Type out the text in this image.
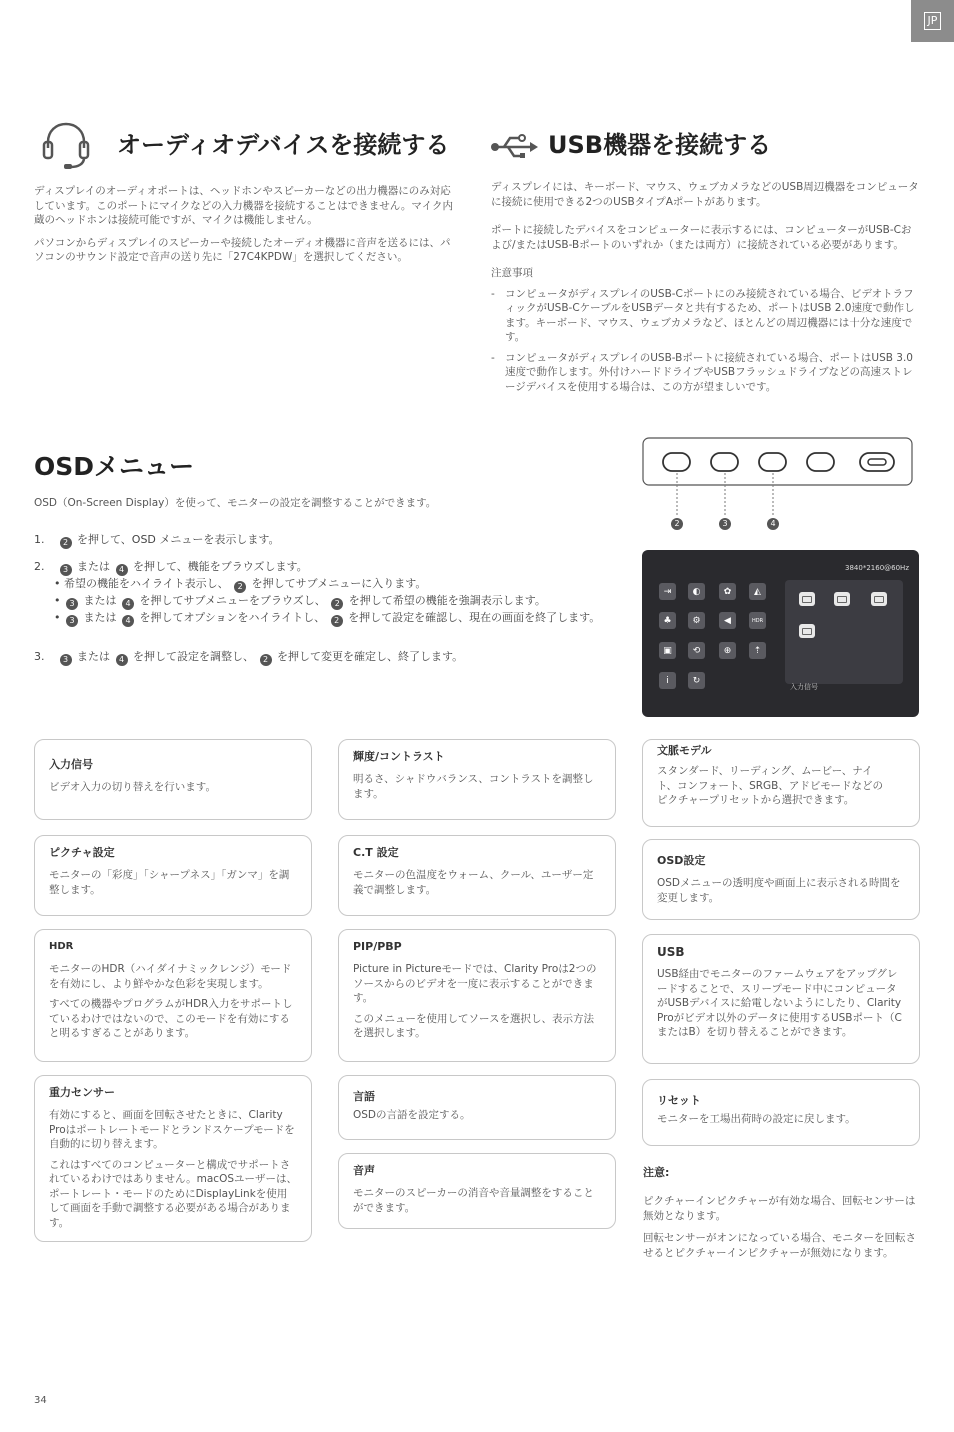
JP
オーディオデバイスを接続する

ディスプレイのオーディオポートは、ヘッドホンやスピーカーなどの出力機器にのみ対応しています。このポートにマイクなどの入力機器を接続することはできません。マイク内蔵のヘッドホンは接続可能ですが、マイクは機能しません。

パソコンからディスプレイのスピーカーや接続したオーディオ機器に音声を送るには、パソコンのサウンド設定で音声の送り先に「27C4KPDW」を選択してください。

USB機器を接続する

ディスプレイには、キーボード、マウス、ウェブカメラなどのUSB周辺機器をコンピュータに接続に使用できる2つのUSBタイプAポートがあります。

ポートに接続したデバイスをコンピューターに表示するには、コンピューターがUSB-Cおよび/またはUSB-Bポートのいずれか（または両方）に接続されている必要があります。

注意事項

- コンピュータがディスプレイのUSB-Cポートにのみ接続されている場合、ビデオトラフィックがUSB-CケーブルをUSBデータと共有するため、ポートはUSB 2.0速度で動作します。キーボード、マウス、ウェブカメラなど、ほとんどの周辺機器には十分な速度です。
- コンピュータがディスプレイのUSB-Bポートに接続されている場合、ポートはUSB 3.0速度で動作します。外付けハードドライブやUSBフラッシュドライブなどの高速ストレージデバイスを使用する場合は、この方が望ましいです。
OSDメニュー

OSD（On-Screen Display）を使って、モニターの設定を調整することができます。

1. 2 を押して、OSD メニューを表示します。
2. 3 または 4 を押して、機能をブラウズします。
• 希望の機能をハイライト表示し、 2 を押してサブメニューに入ります。
• 3 または 4 を押してサブメニューをブラウズし、 2 を押して希望の機能を強調表示します。
• 3 または 4 を押してオプションをハイライトし、 2 を押して設定を確認し、現在の画面を終了します。
3. 3 または 4 を押して設定を調整し、 2 を押して変更を確定し、終了します。
2	3	4
3840*2160@60Hz
⇥	◐	✿	◭
♣	⚙	◀	HDR
▣	⟲	⊕	⇡
i	↻
入力信号

入力信号

ビデオ入力の切り替えを行います。

ピクチャ設定

モニターの「彩度」「シャープネス」「ガンマ」を調整します。

HDR

モニターのHDR（ハイダイナミックレンジ）モードを有効にし、より鮮やかな色彩を実現します。

すべての機器やプログラムがHDR入力をサポートしているわけではないので、このモードを有効にすると明るすぎることがあります。

重力センサー

有効にすると、画面を回転させたときに、Clarity Proはポートレートモードとランドスケープモードを自動的に切り替えます。

これはすべてのコンピューターと構成でサポートされているわけではありません。macOSユーザーは、ポートレート・モードのためにDisplayLinkを使用して画面を手動で調整する必要がある場合があります。

輝度/コントラスト

明るさ、シャドウバランス、コントラストを調整します。

C.T 設定

モニターの色温度をウォーム、クール、ユーザー定義で調整します。

PIP/PBP

Picture in Pictureモードでは、Clarity Proは2つのソースからのビデオを一度に表示することができます。

このメニューを使用してソースを選択し、表示方法を選択します。

言語

OSDの言語を設定する。

音声

モニターのスピーカーの消音や音量調整をすることができます。

文脈モデル

スタンダード、リーディング、ムービー、ナイト、コンフォート、SRGB、アドビモードなどのピクチャープリセットから選択できます。

OSD設定

OSDメニューの透明度や画面上に表示される時間を変更します。

USB

USB経由でモニターのファームウェアをアップグレードすることで、スリープモード中にコンピュータがUSBデバイスに給電しないようにしたり、Clarity Proがビデオ以外のデータに使用するUSBポート（CまたはB）を切り替えることができます。

リセット

モニターを工場出荷時の設定に戻します。

注意:

ピクチャーインピクチャーが有効な場合、回転センサーは無効となります。

回転センサーがオンになっている場合、モニターを回転させるとピクチャーインピクチャーが無効になります。

34
